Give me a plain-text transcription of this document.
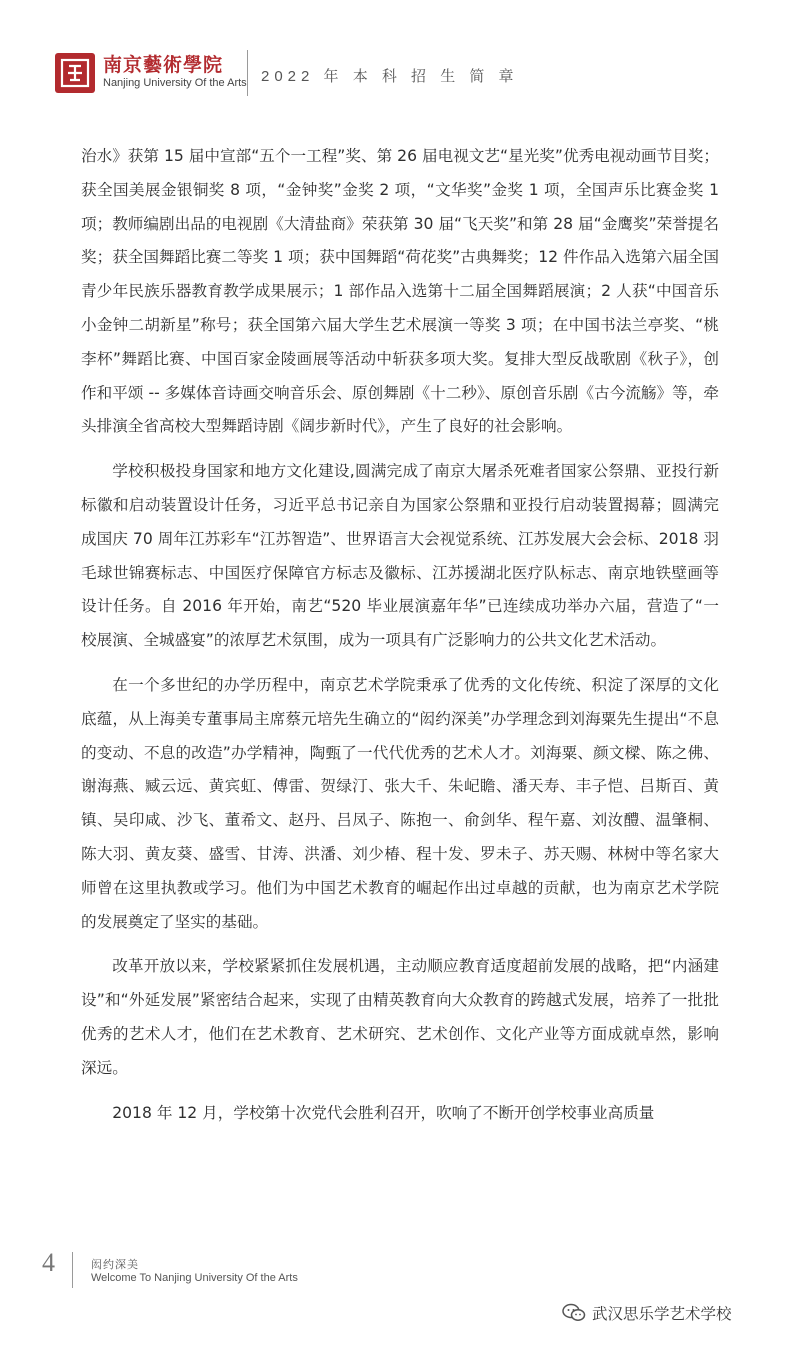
南京藝術學院
Nanjing University Of the Arts 2022 年 本 科 招 生 简 章

治水》获第 15 届中宣部“五个一工程”奖、第 26 届电视文艺“星光奖”优秀电视动画节目奖；获全国美展金银铜奖 8 项，“金钟奖”金奖 2 项，“文华奖”金奖 1 项，全国声乐比赛金奖 1 项；教师编剧出品的电视剧《大清盐商》荣获第 30 届“飞天奖”和第 28 届“金鹰奖”荣誉提名奖；获全国舞蹈比赛二等奖 1 项；获中国舞蹈“荷花奖”古典舞奖；12 件作品入选第六届全国青少年民族乐器教育教学成果展示；1 部作品入选第十二届全国舞蹈展演；2 人获“中国音乐小金钟二胡新星”称号；获全国第六届大学生艺术展演一等奖 3 项；在中国书法兰亭奖、“桃李杯”舞蹈比赛、中国百家金陵画展等活动中斩获多项大奖。复排大型反战歌剧《秋子》，创作和平颂 -- 多媒体音诗画交响音乐会、原创舞剧《十二秒》、原创音乐剧《古今流觞》等，牵头排演全省高校大型舞蹈诗剧《阔步新时代》，产生了良好的社会影响。

学校积极投身国家和地方文化建设,圆满完成了南京大屠杀死难者国家公祭鼎、亚投行新标徽和启动装置设计任务，习近平总书记亲自为国家公祭鼎和亚投行启动装置揭幕；圆满完成国庆 70 周年江苏彩车“江苏智造”、世界语言大会视觉系统、江苏发展大会会标、2018 羽毛球世锦赛标志、中国医疗保障官方标志及徽标、江苏援湖北医疗队标志、南京地铁壁画等设计任务。自 2016 年开始，南艺“520 毕业展演嘉年华”已连续成功举办六届，营造了“一校展演、全城盛宴”的浓厚艺术氛围，成为一项具有广泛影响力的公共文化艺术活动。

在一个多世纪的办学历程中，南京艺术学院秉承了优秀的文化传统、积淀了深厚的文化底蕴，从上海美专董事局主席蔡元培先生确立的“闳约深美”办学理念到刘海粟先生提出“不息的变动、不息的改造”办学精神，陶甄了一代代优秀的艺术人才。刘海粟、颜文樑、陈之佛、谢海燕、臧云远、黄宾虹、傅雷、贺绿汀、张大千、朱屺瞻、潘天寿、丰子恺、吕斯百、黄镇、吴印咸、沙飞、董希文、赵丹、吕凤子、陈抱一、俞剑华、程午嘉、刘汝醴、温肇桐、陈大羽、黄友葵、盛雪、甘涛、洪潘、刘少椿、程十发、罗未子、苏天赐、林树中等名家大师曾在这里执教或学习。他们为中国艺术教育的崛起作出过卓越的贡献，也为南京艺术学院的发展奠定了坚实的基础。

改革开放以来，学校紧紧抓住发展机遇，主动顺应教育适度超前发展的战略，把“内涵建设”和“外延发展”紧密结合起来，实现了由精英教育向大众教育的跨越式发展，培养了一批批优秀的艺术人才，他们在艺术教育、艺术研究、艺术创作、文化产业等方面成就卓然，影响深远。

2018 年 12 月，学校第十次党代会胜利召开，吹响了不断开创学校事业高质量

4	闳约深美
Welcome To Nanjing University Of the Arts
武汉思乐学艺术学校
